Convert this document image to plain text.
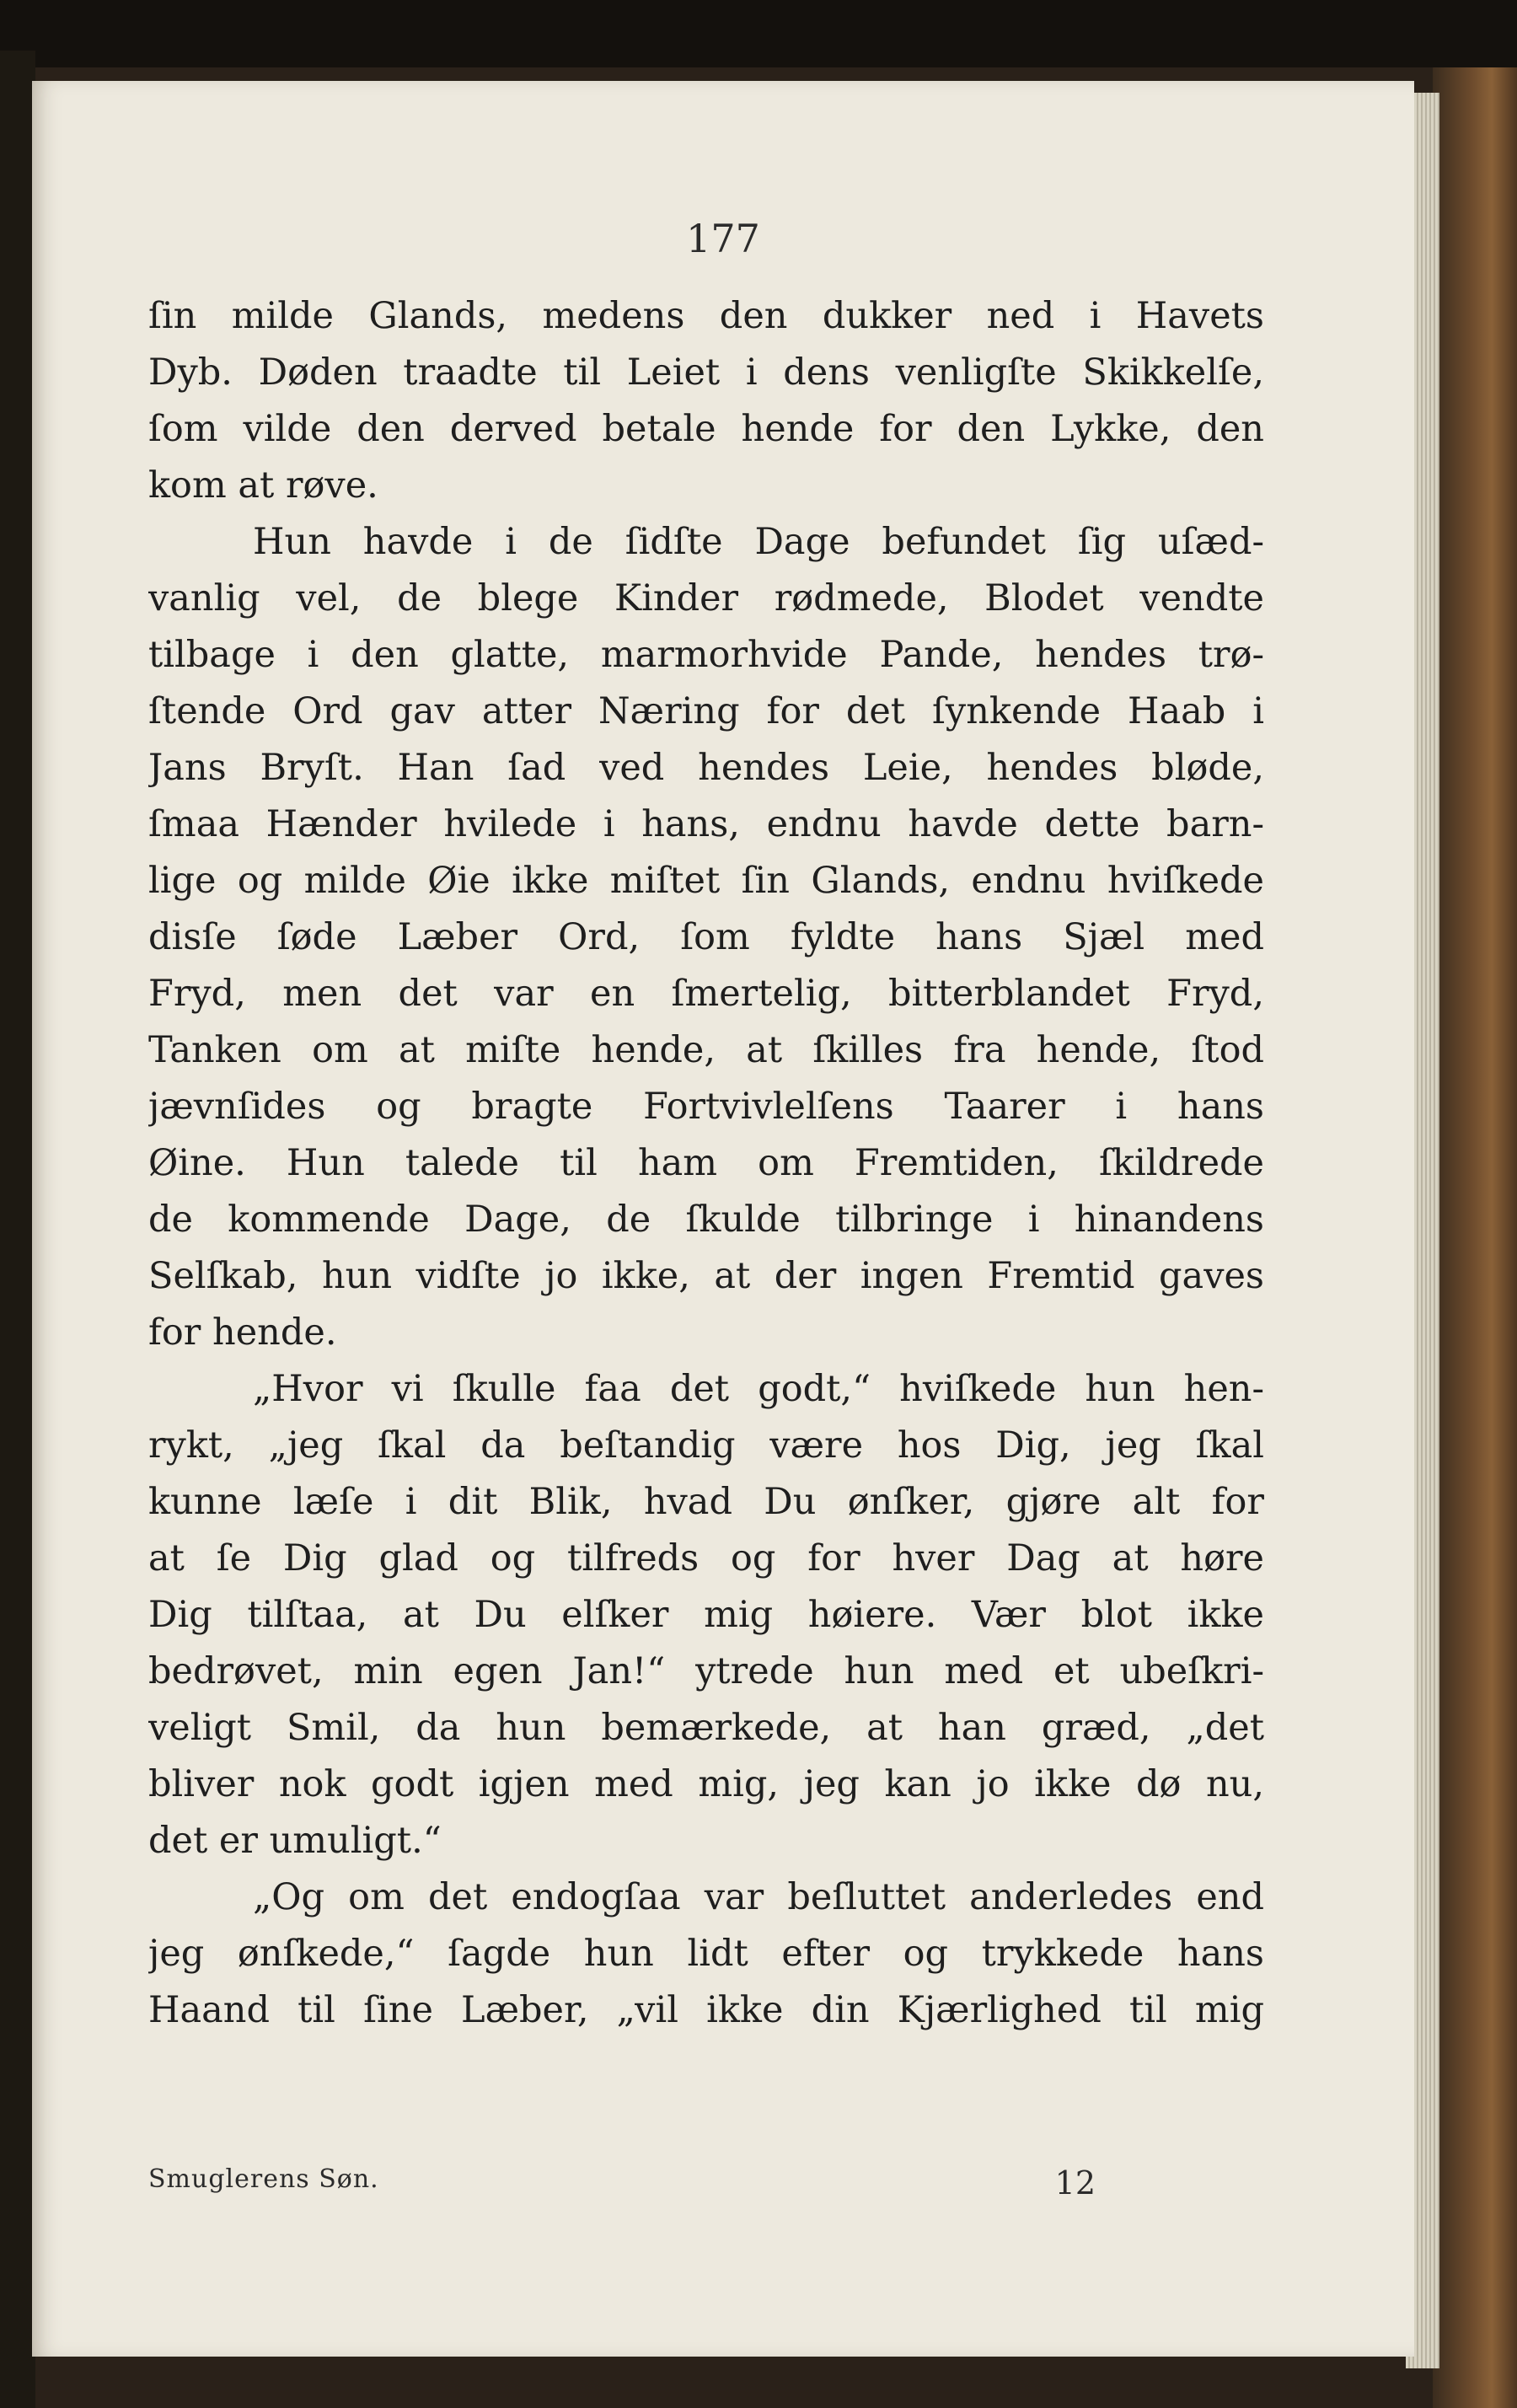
177

ſin milde Glands, medens den dukker ned i Havets
Dyb. Døden traadte til Leiet i dens venligſte Skikkelſe,
ſom vilde den derved betale hende for den Lykke, den
kom at røve.
Hun havde i de ſidſte Dage befundet ſig uſæd-
vanlig vel, de blege Kinder rødmede, Blodet vendte
tilbage i den glatte, marmorhvide Pande, hendes trø-
ſtende Ord gav atter Næring for det ſynkende Haab i
Jans Bryſt. Han ſad ved hendes Leie, hendes bløde,
ſmaa Hænder hvilede i hans, endnu havde dette barn-
lige og milde Øie ikke miſtet ſin Glands, endnu hviſkede
disſe ſøde Læber Ord, ſom fyldte hans Sjæl med
Fryd, men det var en ſmertelig, bitterblandet Fryd,
Tanken om at miſte hende, at ſkilles fra hende, ſtod
jævnſides og bragte Fortvivlelſens Taarer i hans
Øine. Hun talede til ham om Fremtiden, ſkildrede
de kommende Dage, de ſkulde tilbringe i hinandens
Selſkab, hun vidſte jo ikke, at der ingen Fremtid gaves
for hende.
„Hvor vi ſkulle faa det godt,“ hviſkede hun hen-
rykt, „jeg ſkal da beſtandig være hos Dig, jeg ſkal
kunne læſe i dit Blik, hvad Du ønſker, gjøre alt for
at ſe Dig glad og tilfreds og for hver Dag at høre
Dig tilſtaa, at Du elſker mig høiere. Vær blot ikke
bedrøvet, min egen Jan!“ ytrede hun med et ubeſkri-
veligt Smil, da hun bemærkede, at han græd, „det
bliver nok godt igjen med mig, jeg kan jo ikke dø nu,
det er umuligt.“
„Og om det endogſaa var beſluttet anderledes end
jeg ønſkede,“ ſagde hun lidt efter og trykkede hans
Haand til ſine Læber, „vil ikke din Kjærlighed til mig
Smuglerens Søn.	12
